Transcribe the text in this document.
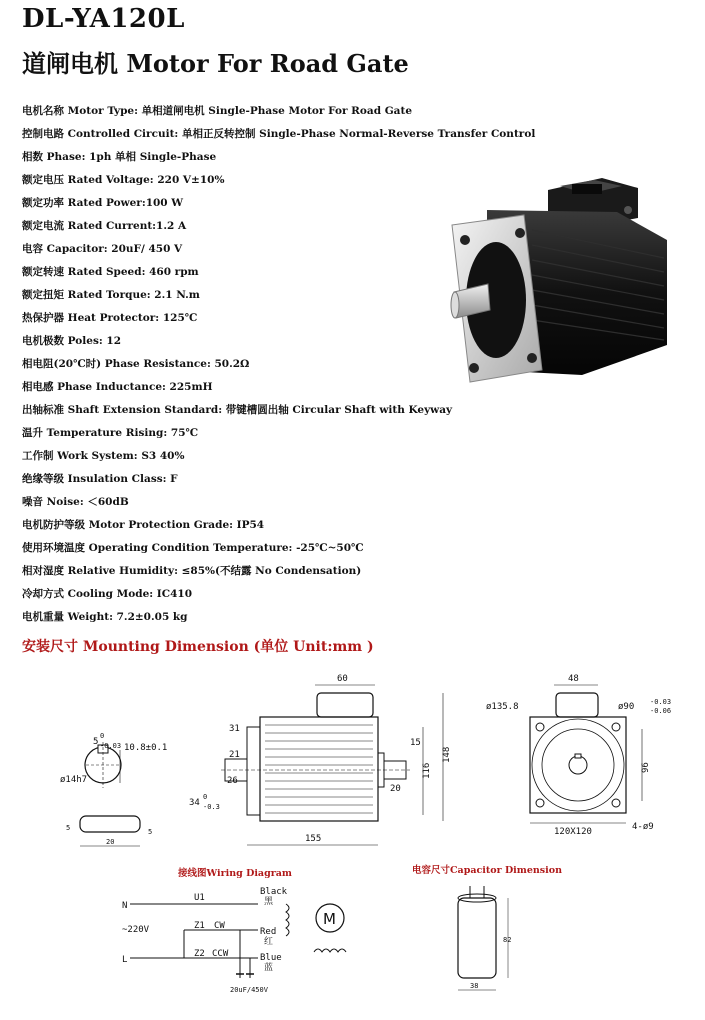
DL-YA120L
道闸电机 Motor For Road Gate
电机名称 Motor Type: 单相道闸电机 Single-Phase Motor For Road Gate
控制电路 Controlled Circuit: 单相正反转控制 Single-Phase Normal-Reverse Transfer Control
相数 Phase: 1ph 单相 Single-Phase
额定电压 Rated Voltage: 220 V±10%
额定功率 Rated Power:100 W
额定电流 Rated Current:1.2 A
电容 Capacitor: 20uF/ 450 V
额定转速 Rated Speed: 460 rpm
额定扭矩 Rated Torque: 2.1 N.m
热保护器 Heat Protector: 125℃
电机极数 Poles: 12
相电阻(20℃时) Phase Resistance: 50.2Ω
相电感 Phase Inductance: 225mH
出轴标准 Shaft Extension Standard: 带键槽圆出轴 Circular Shaft with Keyway
温升 Temperature Rising: 75℃
工作制 Work System: S3 40%
绝缘等级 Insulation Class: F
噪音 Noise: ＜60dB
电机防护等级 Motor Protection Grade: IP54
使用环境温度 Operating Condition Temperature: -25℃~50℃
相对湿度 Relative Humidity: ≤85%(不结露 No Condensation)
冷却方式 Cooling Mode: IC410
电机重量 Weight: 7.2±0.05 kg
安装尺寸 Mounting Dimension (单位 Unit:mm )
5
0
-0.03 10.8±0.1
ø14h7
20
5	5
60
31
21
26
15
20
116
148
34
0
-0.3
155
48
ø135.8	ø90 -0.03
-0.06
96
120X120	4-ø9
接线图Wiring Diagram
N
L
~220V
U1
Z1 CW
Z2 CCW
Black
黑
Red
红
Blue
蓝
M
20uF/450V
电容尺寸Capacitor Dimension
82
38
